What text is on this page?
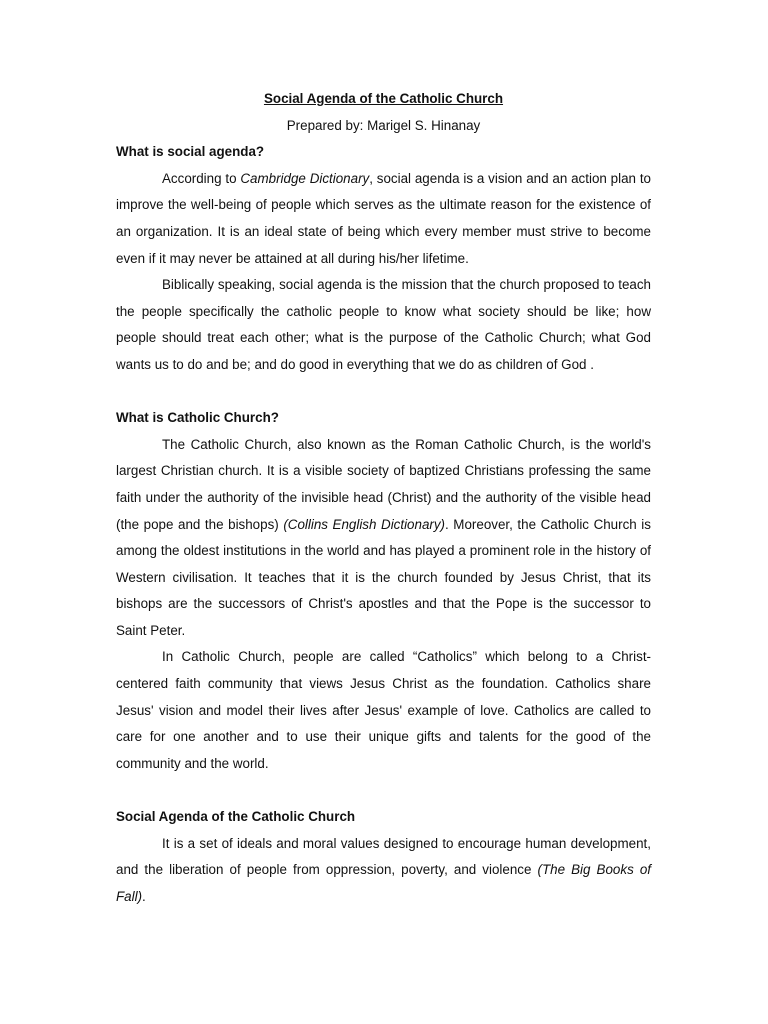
Social Agenda of the Catholic Church

Prepared by: Marigel S. Hinanay

What is social agenda?

According to Cambridge Dictionary, social agenda is a vision and an action plan to improve the well-being of people which serves as the ultimate reason for the existence of an organization. It is an ideal state of being which every member must strive to become even if it may never be attained at all during his/her lifetime.

Biblically speaking, social agenda is the mission that the church proposed to teach the people specifically the catholic people to know what society should be like; how people should treat each other; what is the purpose of the Catholic Church; what God wants us to do and be; and do good in everything that we do as children of God .

What is Catholic Church?

The Catholic Church, also known as the Roman Catholic Church, is the world's largest Christian church. It is a visible society of baptized Christians professing the same faith under the authority of the invisible head (Christ) and the authority of the visible head (the pope and the bishops) (Collins English Dictionary). Moreover, the Catholic Church is among the oldest institutions in the world and has played a prominent role in the history of Western civilisation. It teaches that it is the church founded by Jesus Christ, that its bishops are the successors of Christ's apostles and that the Pope is the successor to Saint Peter.

In Catholic Church, people are called “Catholics” which belong to a Christ-centered faith community that views Jesus Christ as the foundation. Catholics share Jesus' vision and model their lives after Jesus' example of love. Catholics are called to care for one another and to use their unique gifts and talents for the good of the community and the world.

Social Agenda of the Catholic Church

It is a set of ideals and moral values designed to encourage human development, and the liberation of people from oppression, poverty, and violence (The Big Books of Fall).
